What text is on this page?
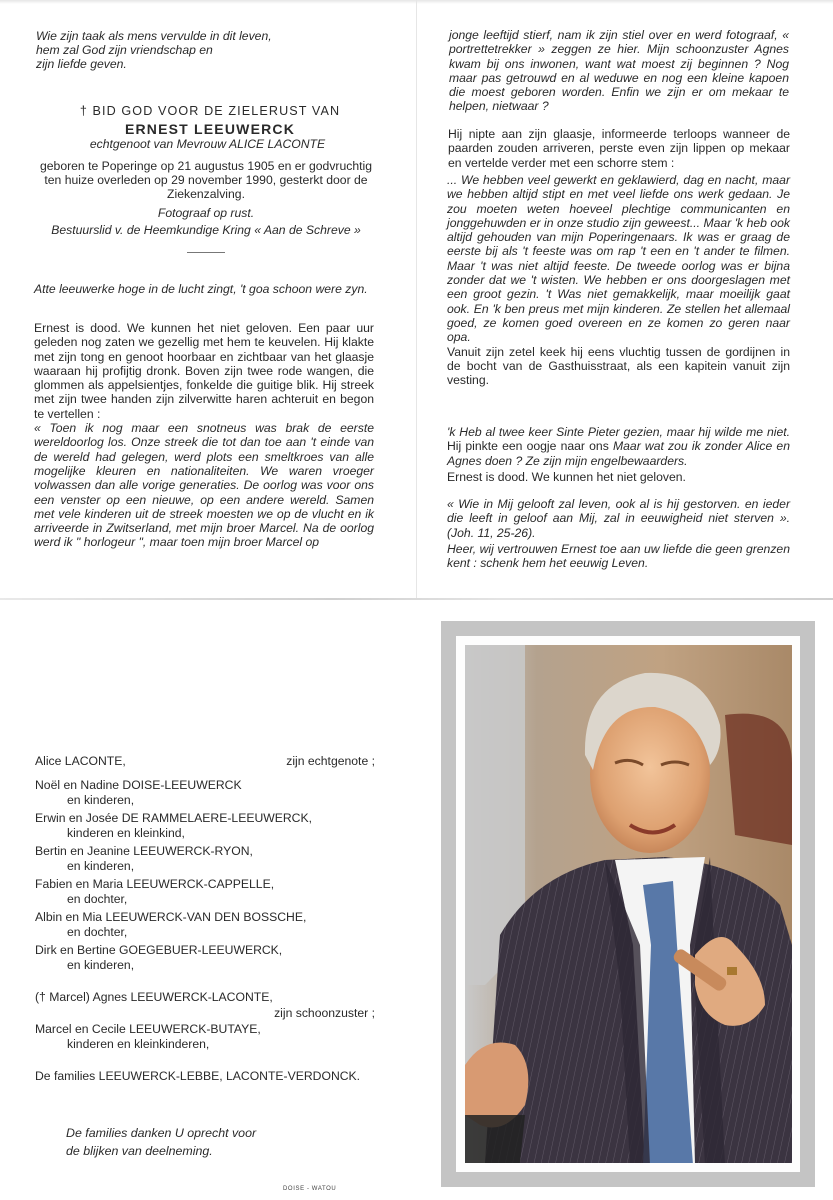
Wie zijn taak als mens vervulde in dit leven,

hem zal God zijn vriendschap en

zijn liefde geven.

† BID GOD VOOR DE ZIELERUST VAN
ERNEST LEEUWERCK
echtgenoot van Mevrouw ALICE LACONTE
geboren te Poperinge op 21 augustus 1905 en er godvruchtig ten huize overleden op 29 november 1990, gesterkt door de Ziekenzalving.
Fotograaf op rust.
Bestuurslid v. de Heemkundige Kring « Aan de Schreve »

Atte leeuwerke hoge in de lucht zingt, 't goa schoon were zyn.

Ernest is dood. We kunnen het niet geloven. Een paar uur geleden nog zaten we gezellig met hem te keuvelen. Hij klakte met zijn tong en genoot hoorbaar en zichtbaar van het glaasje waaraan hij profijtig dronk. Boven zijn twee rode wangen, die glommen als appelsientjes, fonkelde die guitige blik. Hij streek met zijn twee handen zijn zilverwitte haren achteruit en begon te vertellen :

« Toen ik nog maar een snotneus was brak de eerste wereldoorlog los. Onze streek die tot dan toe aan 't einde van de wereld had gelegen, werd plots een smeltkroes van alle mogelijke kleuren en nationaliteiten. We waren vroeger volwassen dan alle vorige generaties. De oorlog was voor ons een venster op een nieuwe, op een andere wereld. Samen met vele kinderen uit de streek moesten we op de vlucht en ik arriveerde in Zwitserland, met mijn broer Marcel. Na de oorlog werd ik " horlogeur ", maar toen mijn broer Marcel op

jonge leeftijd stierf, nam ik zijn stiel over en werd fotograaf, « portrettetrekker » zeggen ze hier. Mijn schoonzuster Agnes kwam bij ons inwonen, want wat moest zij beginnen ? Nog maar pas getrouwd en al weduwe en nog een kleine kapoen die moest geboren worden. Enfin we zijn er om mekaar te helpen, nietwaar ?

Hij nipte aan zijn glaasje, informeerde terloops wanneer de paarden zouden arriveren, perste even zijn lippen op mekaar en vertelde verder met een schorre stem :

... We hebben veel gewerkt en geklawierd, dag en nacht, maar we hebben altijd stipt en met veel liefde ons werk gedaan. Je zou moeten weten hoeveel plechtige communicanten en jonggehuwden er in onze studio zijn geweest... Maar 'k heb ook altijd gehouden van mijn Poperingenaars. Ik was er graag de eerste bij als 't feeste was om rap 't een en 't ander te filmen. Maar 't was niet altijd feeste. De tweede oorlog was er bijna zonder dat we 't wisten. We hebben er ons doorgeslagen met een groot gezin. 't Was niet gemakkelijk, maar moeilijk gaat ook. En 'k ben preus met mijn kinderen. Ze stellen het allemaal goed, ze komen goed overeen en ze komen zo geren naar opa.

Vanuit zijn zetel keek hij eens vluchtig tussen de gordijnen in de bocht van de Gasthuisstraat, als een kapitein vanuit zijn vesting.

'k Heb al twee keer Sinte Pieter gezien, maar hij wilde me niet. Hij pinkte een oogje naar ons Maar wat zou ik zonder Alice en Agnes doen ? Ze zijn mijn engelbewaarders.

Ernest is dood. We kunnen het niet geloven.

« Wie in Mij gelooft zal leven, ook al is hij gestorven. en ieder die leeft in geloof aan Mij, zal in eeuwigheid niet sterven ». (Joh. 11, 25-26).

Heer, wij vertrouwen Ernest toe aan uw liefde die geen grenzen kent : schenk hem het eeuwig Leven.

Alice LACONTE,	zijn echtgenote ;
Noël en Nadine DOISE-LEEUWERCK
en kinderen,
Erwin en Josée DE RAMMELAERE-LEEUWERCK,
kinderen en kleinkind,
Bertin en Jeanine LEEUWERCK-RYON,
en kinderen,
Fabien en Maria LEEUWERCK-CAPPELLE,
en dochter,
Albin en Mia LEEUWERCK-VAN DEN BOSSCHE,
en dochter,
Dirk en Bertine GOEGEBUER-LEEUWERCK,
en kinderen,
(† Marcel) Agnes LEEUWERCK-LACONTE,
zijn schoonzuster ;
Marcel en Cecile LEEUWERCK-BUTAYE,
kinderen en kleinkinderen,
De families LEEUWERCK-LEBBE, LACONTE-VERDONCK.

De families danken U oprecht voor

de blijken van deelneming.

DOISE - WATOU
